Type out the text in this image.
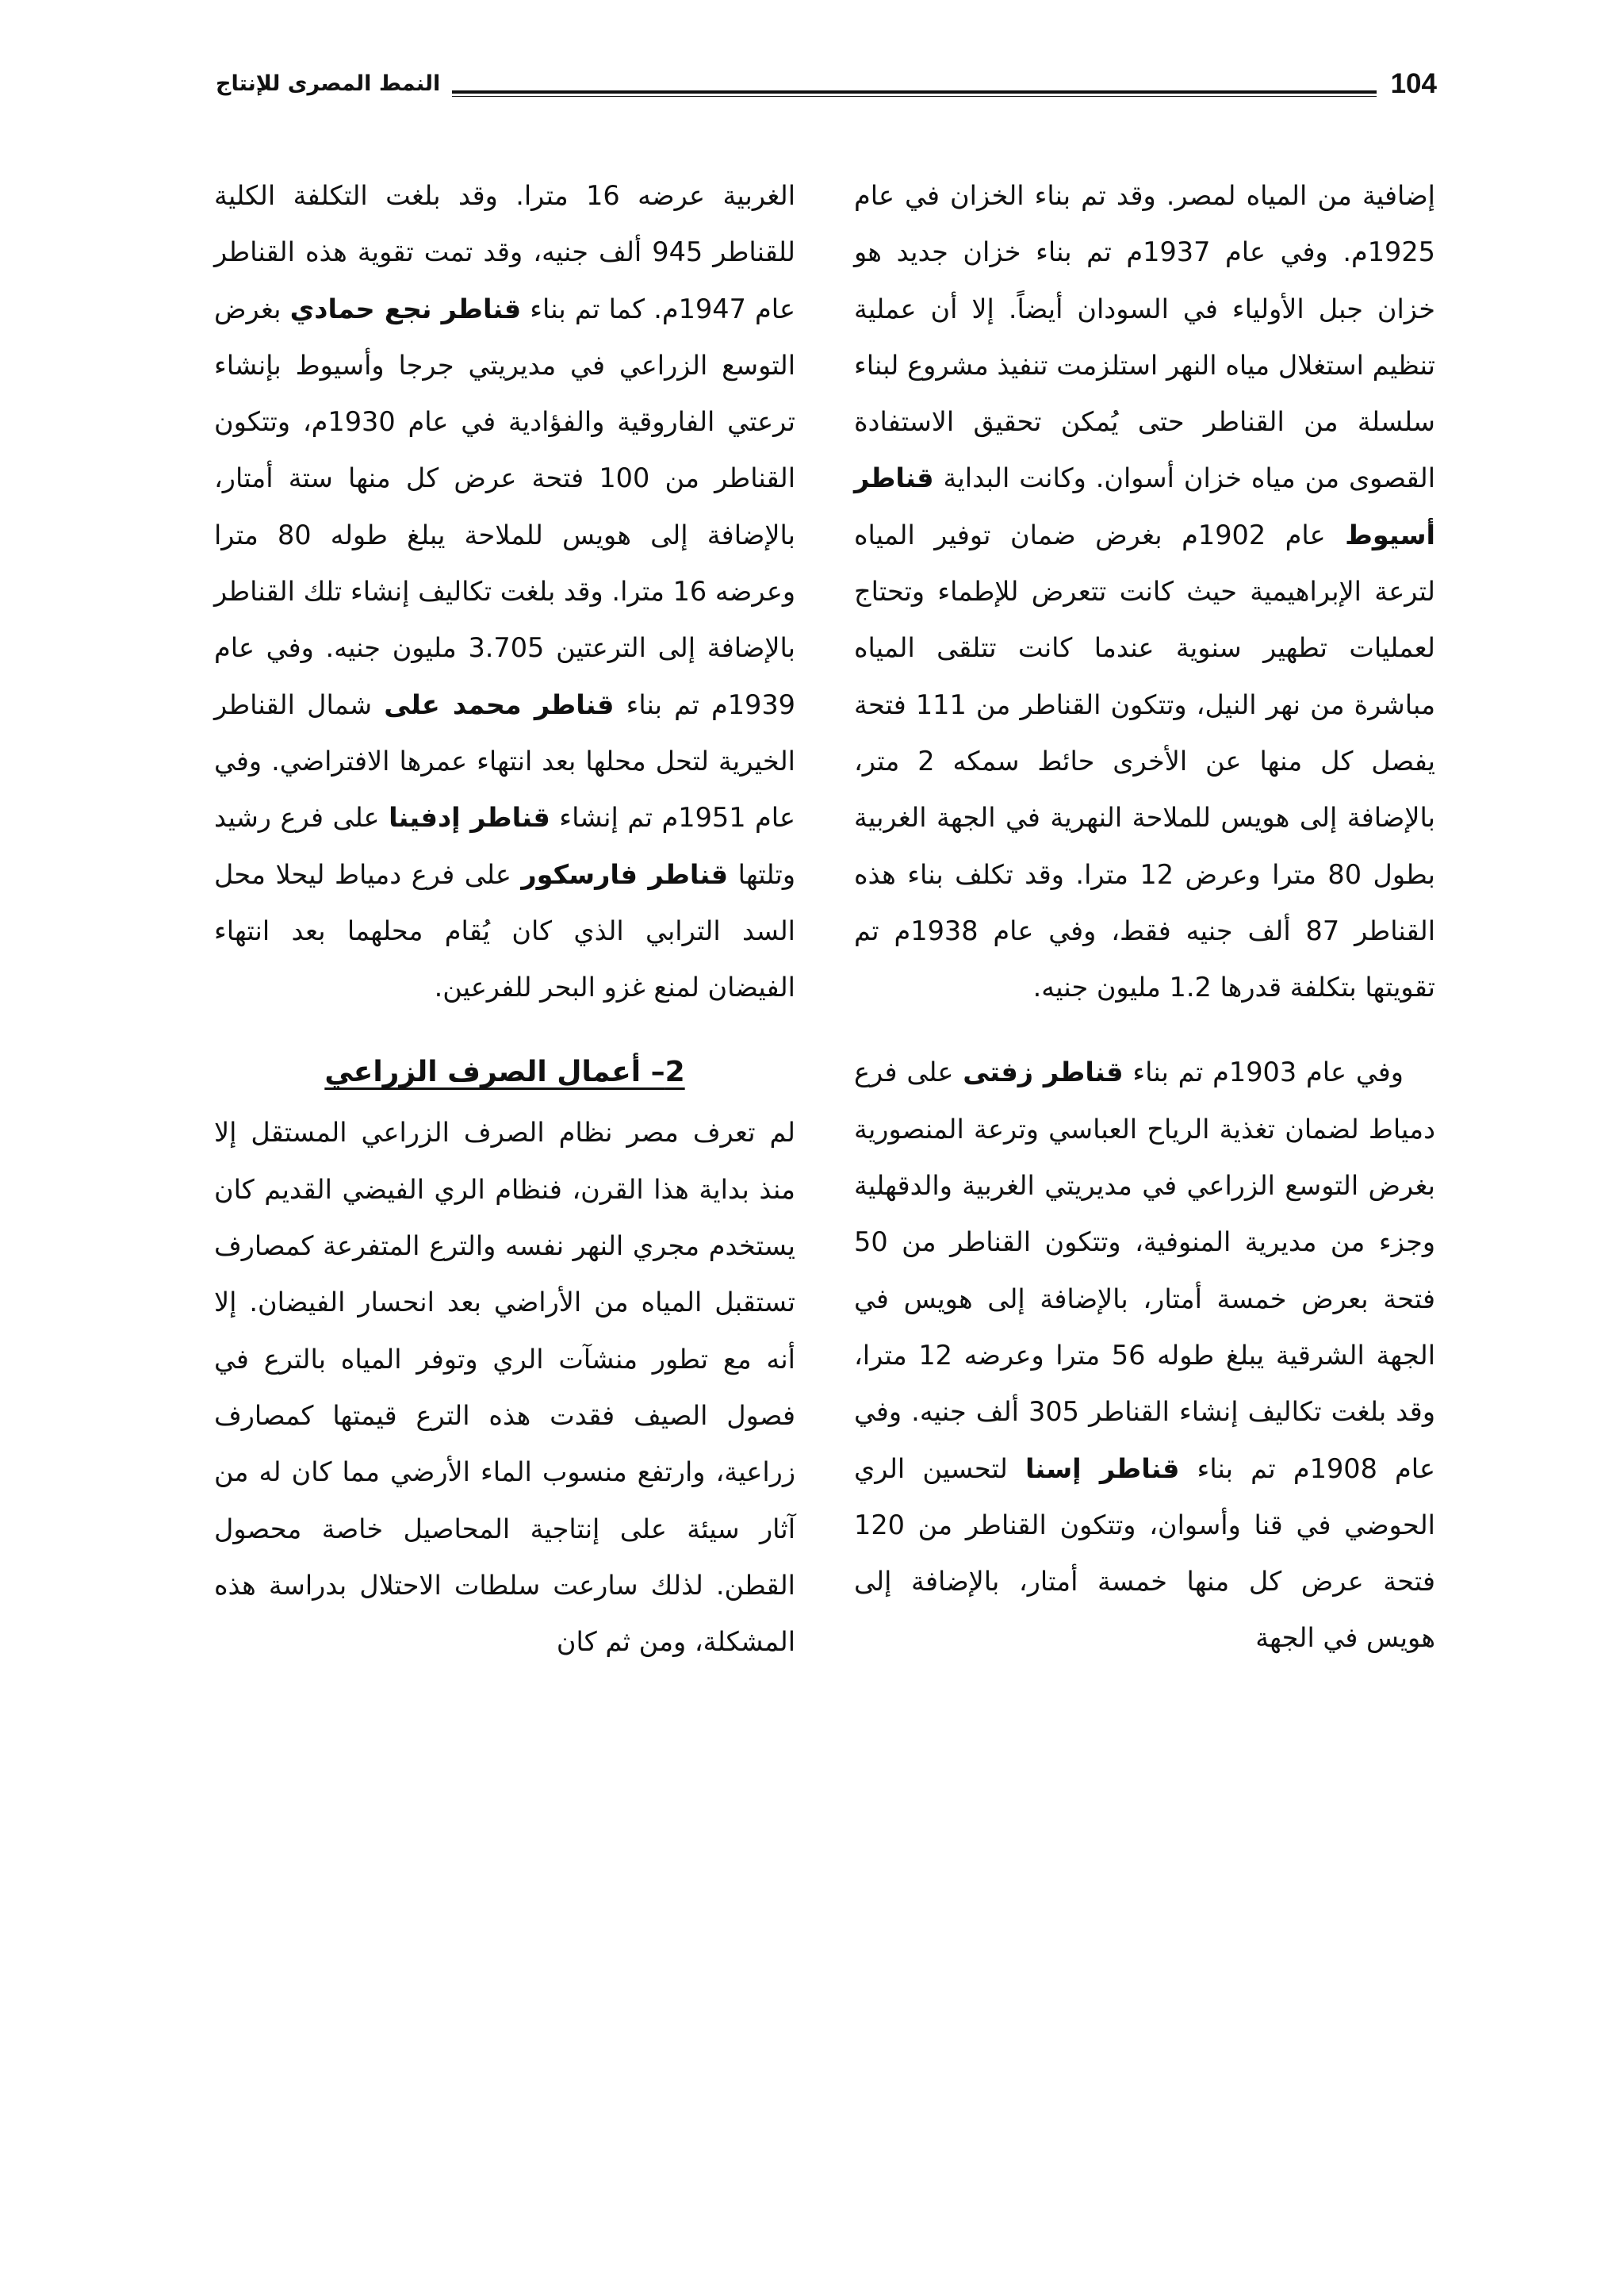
النمط المصرى للإنتاج	104

إضافية من المياه لمصر. وقد تم بناء الخزان في عام 1925م. وفي عام 1937م تم بناء خزان جديد هو خزان جبل الأولياء في السودان أيضاً. إلا أن عملية تنظيم استغلال مياه النهر استلزمت تنفيذ مشروع لبناء سلسلة من القناطر حتى يُمكن تحقيق الاستفادة القصوى من مياه خزان أسوان. وكانت البداية قناطر أسيوط عام 1902م بغرض ضمان توفير المياه لترعة الإبراهيمية حيث كانت تتعرض للإطماء وتحتاج لعمليات تطهير سنوية عندما كانت تتلقى المياه مباشرة من نهر النيل، وتتكون القناطر من 111 فتحة يفصل كل منها عن الأخرى حائط سمكه 2 متر، بالإضافة إلى هويس للملاحة النهرية في الجهة الغربية بطول 80 مترا وعرض 12 مترا. وقد تكلف بناء هذه القناطر 87 ألف جنيه فقط، وفي عام 1938م تم تقويتها بتكلفة قدرها 1.2 مليون جنيه.

وفي عام 1903م تم بناء قناطر زفتى على فرع دمياط لضمان تغذية الرياح العباسي وترعة المنصورية بغرض التوسع الزراعي في مديريتي الغربية والدقهلية وجزء من مديرية المنوفية، وتتكون القناطر من 50 فتحة بعرض خمسة أمتار، بالإضافة إلى هويس في الجهة الشرقية يبلغ طوله 56 مترا وعرضه 12 مترا، وقد بلغت تكاليف إنشاء القناطر 305 ألف جنيه. وفي عام 1908م تم بناء قناطر إسنا لتحسين الري الحوضي في قنا وأسوان، وتتكون القناطر من 120 فتحة عرض كل منها خمسة أمتار، بالإضافة إلى هويس في الجهة

الغربية عرضه 16 مترا. وقد بلغت التكلفة الكلية للقناطر 945 ألف جنيه، وقد تمت تقوية هذه القناطر عام 1947م. كما تم بناء قناطر نجع حمادي بغرض التوسع الزراعي في مديريتي جرجا وأسيوط بإنشاء ترعتي الفاروقية والفؤادية في عام 1930م، وتتكون القناطر من 100 فتحة عرض كل منها ستة أمتار، بالإضافة إلى هويس للملاحة يبلغ طوله 80 مترا وعرضه 16 مترا. وقد بلغت تكاليف إنشاء تلك القناطر بالإضافة إلى الترعتين 3.705 مليون جنيه. وفي عام 1939م تم بناء قناطر محمد على شمال القناطر الخيرية لتحل محلها بعد انتهاء عمرها الافتراضي. وفي عام 1951م تم إنشاء قناطر إدفينا على فرع رشيد وتلتها قناطر فارسكور على فرع دمياط ليحلا محل السد الترابي الذي كان يُقام محلهما بعد انتهاء الفيضان لمنع غزو البحر للفرعين.

2– أعمال الصرف الزراعي

لم تعرف مصر نظام الصرف الزراعي المستقل إلا منذ بداية هذا القرن، فنظام الري الفيضي القديم كان يستخدم مجري النهر نفسه والترع المتفرعة كمصارف تستقبل المياه من الأراضي بعد انحسار الفيضان. إلا أنه مع تطور منشآت الري وتوفر المياه بالترع في فصول الصيف فقدت هذه الترع قيمتها كمصارف زراعية، وارتفع منسوب الماء الأرضي مما كان له من آثار سيئة على إنتاجية المحاصيل خاصة محصول القطن. لذلك سارعت سلطات الاحتلال بدراسة هذه المشكلة، ومن ثم كان
